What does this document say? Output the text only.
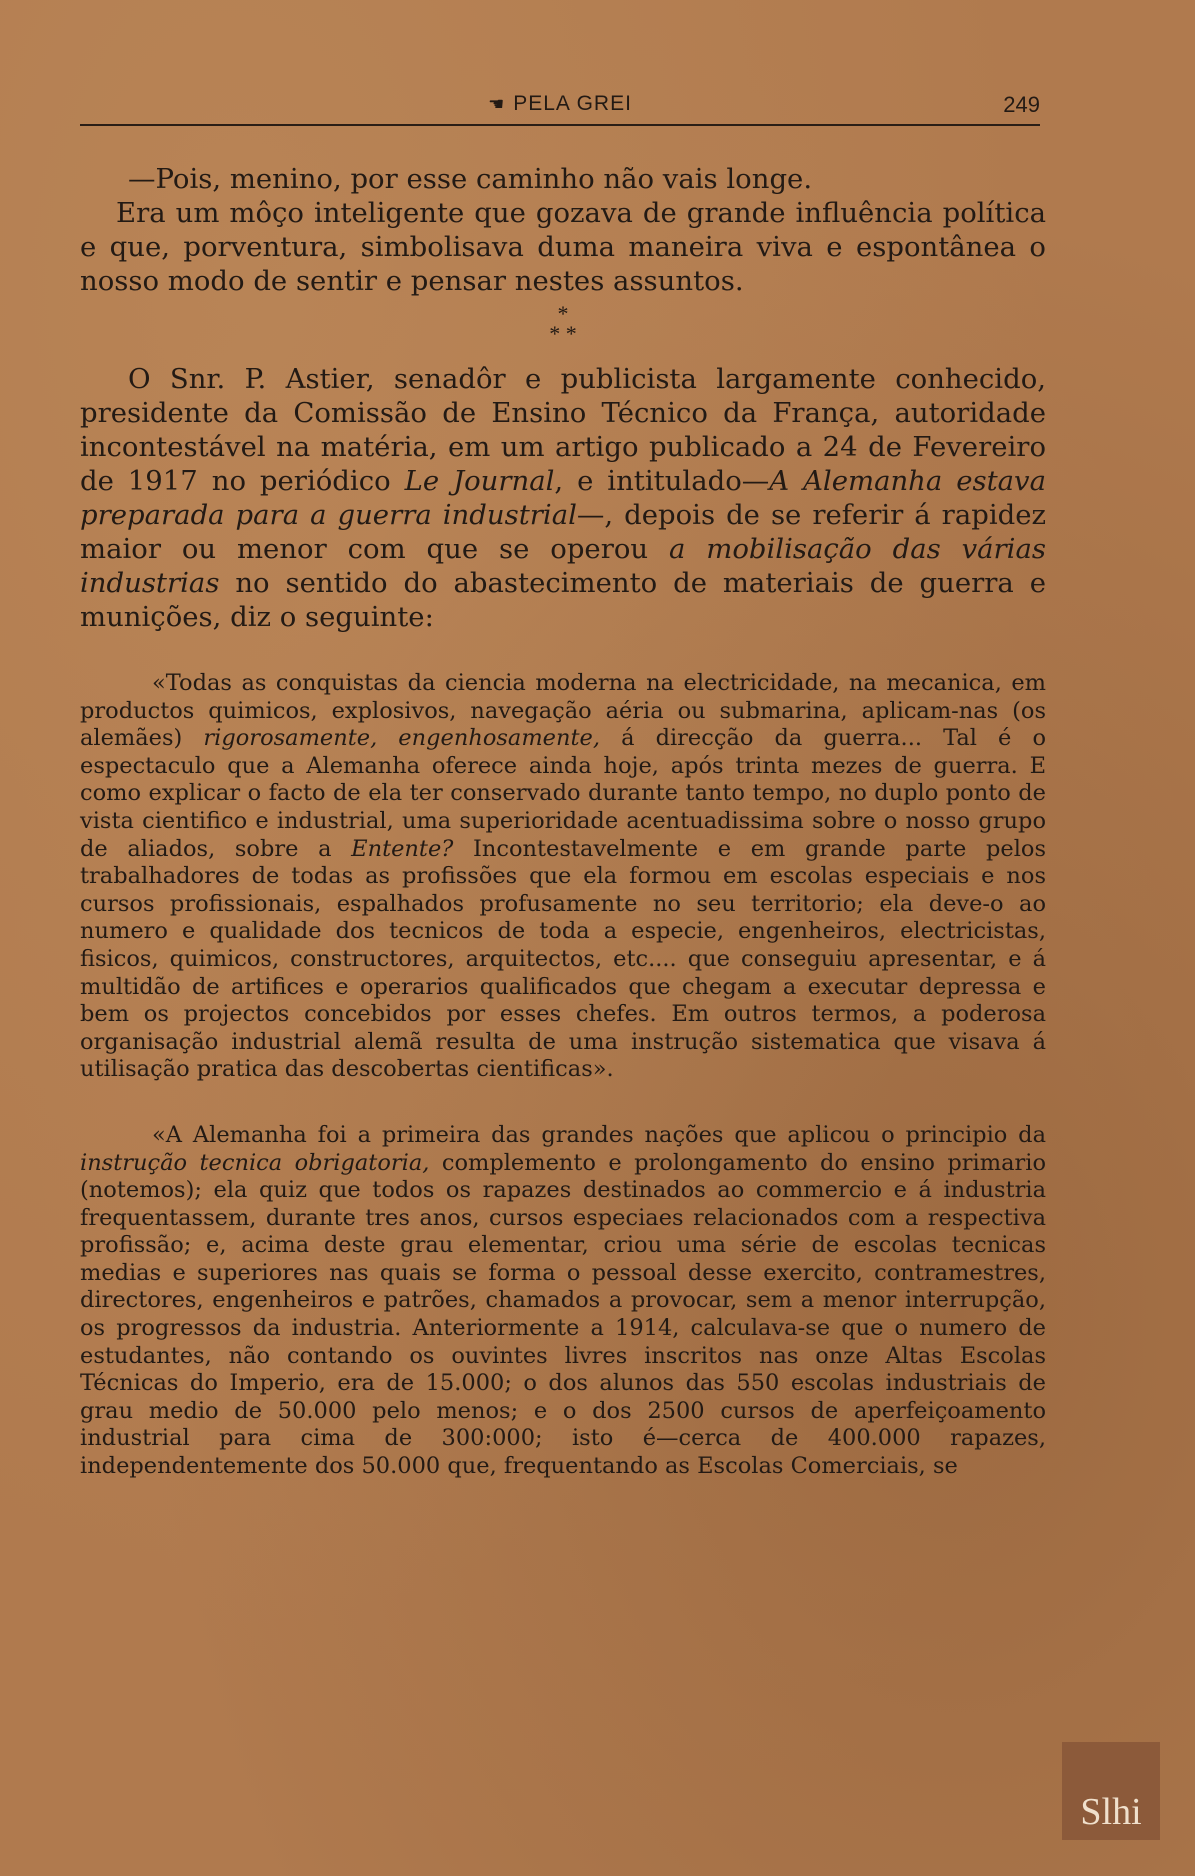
☚ PELA GREI	249

—Pois, menino, por esse caminho não vais longe.

Era um môço inteligente que gozava de grande influência política e que, porventura, simbolisava duma maneira viva e espontânea o nosso modo de sentir e pensar nestes assuntos.

*
* *

O Snr. P. Astier, senadôr e publicista largamente conhecido, presidente da Comissão de Ensino Técnico da França, autoridade incontestável na matéria, em um artigo publicado a 24 de Fevereiro de 1917 no periódico Le Journal, e intitulado—A Alemanha estava preparada para a guerra industrial—, depois de se referir á rapidez maior ou menor com que se operou a mobilisação das várias industrias no sentido do abastecimento de materiais de guerra e munições, diz o seguinte:

«Todas as conquistas da ciencia moderna na electricidade, na mecanica, em productos quimicos, explosivos, navegação aéria ou submarina, aplicam-nas (os alemães) rigorosamente, engenhosamente, á direcção da guerra... Tal é o espectaculo que a Alemanha oferece ainda hoje, após trinta mezes de guerra. E como explicar o facto de ela ter conservado durante tanto tempo, no duplo ponto de vista cientifico e industrial, uma superioridade acentuadissima sobre o nosso grupo de aliados, sobre a Entente? Incontestavelmente e em grande parte pelos trabalhadores de todas as profissões que ela formou em escolas especiais e nos cursos profissionais, espalhados profusamente no seu territorio; ela deve-o ao numero e qualidade dos tecnicos de toda a especie, engenheiros, electricistas, fisicos, quimicos, constructores, arquitectos, etc.... que conseguiu apresentar, e á multidão de artifices e operarios qualificados que chegam a executar depressa e bem os projectos concebidos por esses chefes. Em outros termos, a poderosa organisação industrial alemã resulta de uma instrução sistematica que visava á utilisação pratica das descobertas cientificas».

«A Alemanha foi a primeira das grandes nações que aplicou o principio da instrução tecnica obrigatoria, complemento e prolongamento do ensino primario (notemos); ela quiz que todos os rapazes destinados ao commercio e á industria frequentassem, durante tres anos, cursos especiaes relacionados com a respectiva profissão; e, acima deste grau elementar, criou uma série de escolas tecnicas medias e superiores nas quais se forma o pessoal desse exercito, contramestres, directores, engenheiros e patrões, chamados a provocar, sem a menor interrupção, os progressos da industria. Anteriormente a 1914, calculava-se que o numero de estudantes, não contando os ouvintes livres inscritos nas onze Altas Escolas Técnicas do Imperio, era de 15.000; o dos alunos das 550 escolas industriais de grau medio de 50.000 pelo menos; e o dos 2500 cursos de aperfeiçoamento industrial para cima de 300:000; isto é—cerca de 400.000 rapazes, independentemente dos 50.000 que, frequentando as Escolas Comerciais, se

Slhi
